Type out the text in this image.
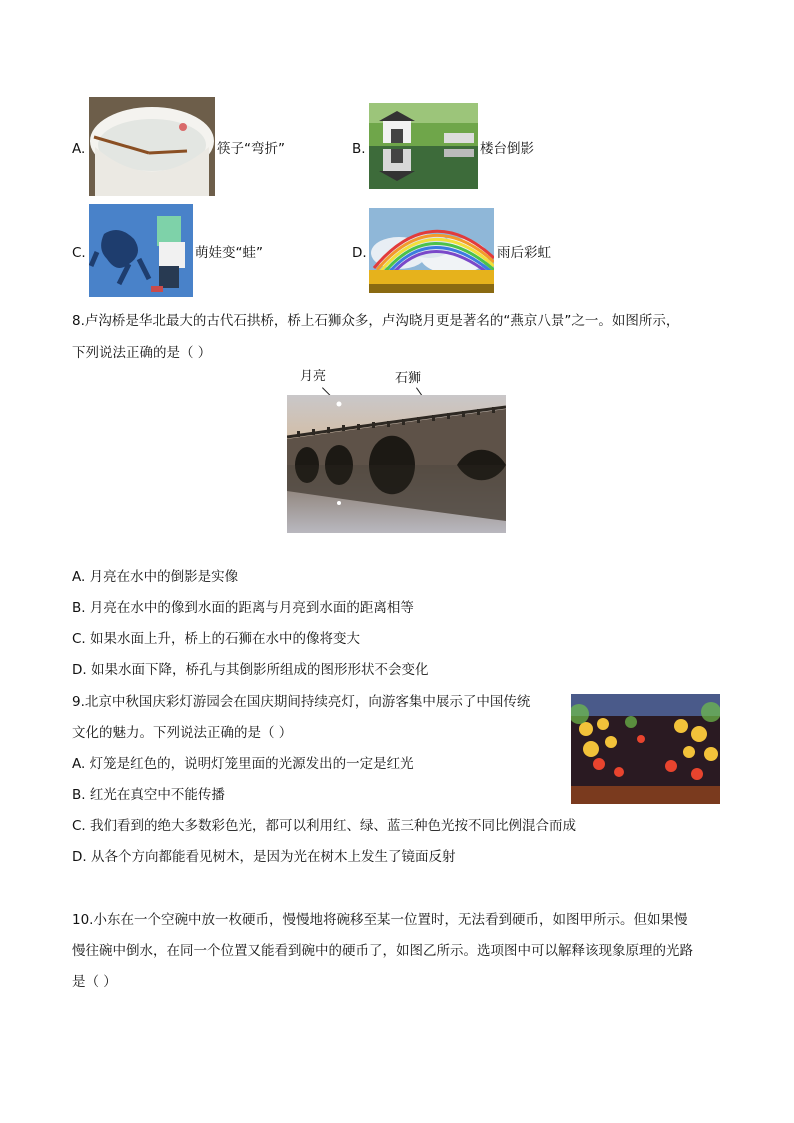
A.	筷子“弯折”	B.	楼台倒影
C.	萌娃变“蛙”	D.	雨后彩虹
8.卢沟桥是华北最大的古代石拱桥，桥上石狮众多，卢沟晓月更是著名的“燕京八景”之一。如图所示，
下列说法正确的是（ ）
月亮	石狮
A. 月亮在水中的倒影是实像
B. 月亮在水中的像到水面的距离与月亮到水面的距离相等
C. 如果水面上升，桥上的石狮在水中的像将变大
D. 如果水面下降，桥孔与其倒影所组成的图形形状不会变化
9.北京中秋国庆彩灯游园会在国庆期间持续亮灯，向游客集中展示了中国传统
文化的魅力。下列说法正确的是（ ）
A. 灯笼是红色的，说明灯笼里面的光源发出的一定是红光
B. 红光在真空中不能传播
C. 我们看到的绝大多数彩色光，都可以利用红、绿、蓝三种色光按不同比例混合而成
D. 从各个方向都能看见树木，是因为光在树木上发生了镜面反射
10.小东在一个空碗中放一枚硬币，慢慢地将碗移至某一位置时，无法看到硬币，如图甲所示。但如果慢
慢往碗中倒水，在同一个位置又能看到碗中的硬币了，如图乙所示。选项图中可以解释该现象原理的光路
是（ ）
